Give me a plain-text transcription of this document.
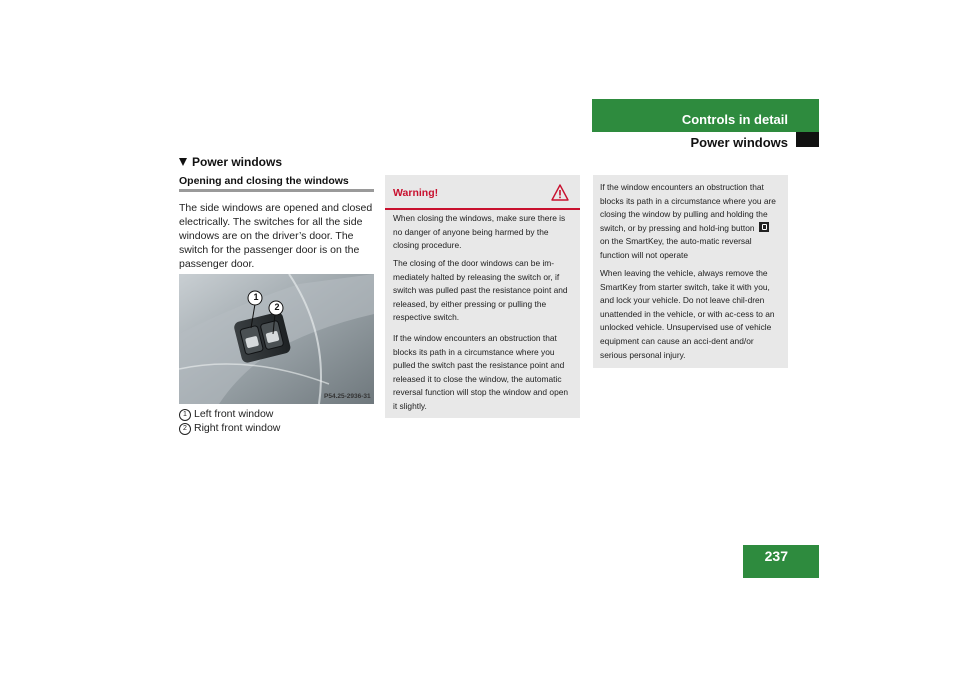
Controls in detail
Power windows
Power windows
Opening and closing the windows

The side windows are opened and closed electrically. The switches for all the side windows are on the driver’s door. The switch for the passenger door is on the passenger door.

1
2
P54.25-2936-31
1 Left front window
2 Right front window
Warning!

When closing the windows, make sure there is no danger of anyone being harmed by the closing procedure.

The closing of the door windows can be im-mediately halted by releasing the switch or, if switch was pulled past the resistance point and released, by either pressing or pulling the respective switch.

If the window encounters an obstruction that blocks its path in a circumstance where you pulled the switch past the resistance point and released it to close the window, the automatic reversal function will stop the window and open it slightly.

If the window encounters an obstruction that blocks its path in a circumstance where you are closing the window by pulling and holding the switch, or by pressing and hold-ing button  on the SmartKey, the auto-matic reversal function will not operate

When leaving the vehicle, always remove the SmartKey from starter switch, take it with you, and lock your vehicle. Do not leave chil-dren unattended in the vehicle, or with ac-cess to an unlocked vehicle. Unsupervised use of vehicle equipment can cause an acci-dent and/or serious personal injury.

237
